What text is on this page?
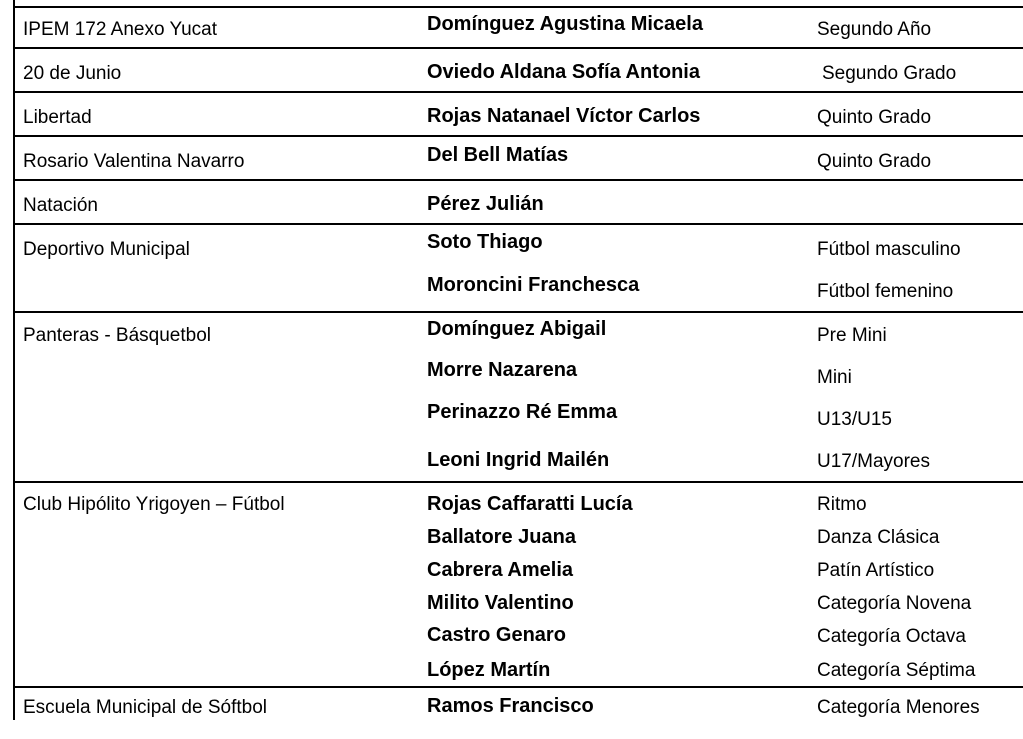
IPEM 172 Anexo Yucat	Domínguez Agustina Micaela	Segundo Año
20 de Junio	Oviedo Aldana Sofía Antonia	Segundo Grado
Libertad	Rojas Natanael Víctor Carlos	Quinto Grado
Rosario Valentina Navarro	Del Bell Matías	Quinto Grado
Natación	Pérez Julián
Deportivo Municipal	Soto Thiago	Fútbol masculino
Moroncini Franchesca	Fútbol femenino
Panteras - Básquetbol	Domínguez Abigail	Pre Mini
Morre Nazarena	Mini
Perinazzo Ré Emma	U13/U15
Leoni Ingrid Mailén	U17/Mayores
Club Hipólito Yrigoyen – Fútbol	Rojas Caffaratti Lucía	Ritmo
Ballatore Juana	Danza Clásica
Cabrera Amelia	Patín Artístico
Milito Valentino	Categoría Novena
Castro Genaro	Categoría Octava
López Martín	Categoría Séptima
Escuela Municipal de Sóftbol	Ramos Francisco	Categoría Menores
